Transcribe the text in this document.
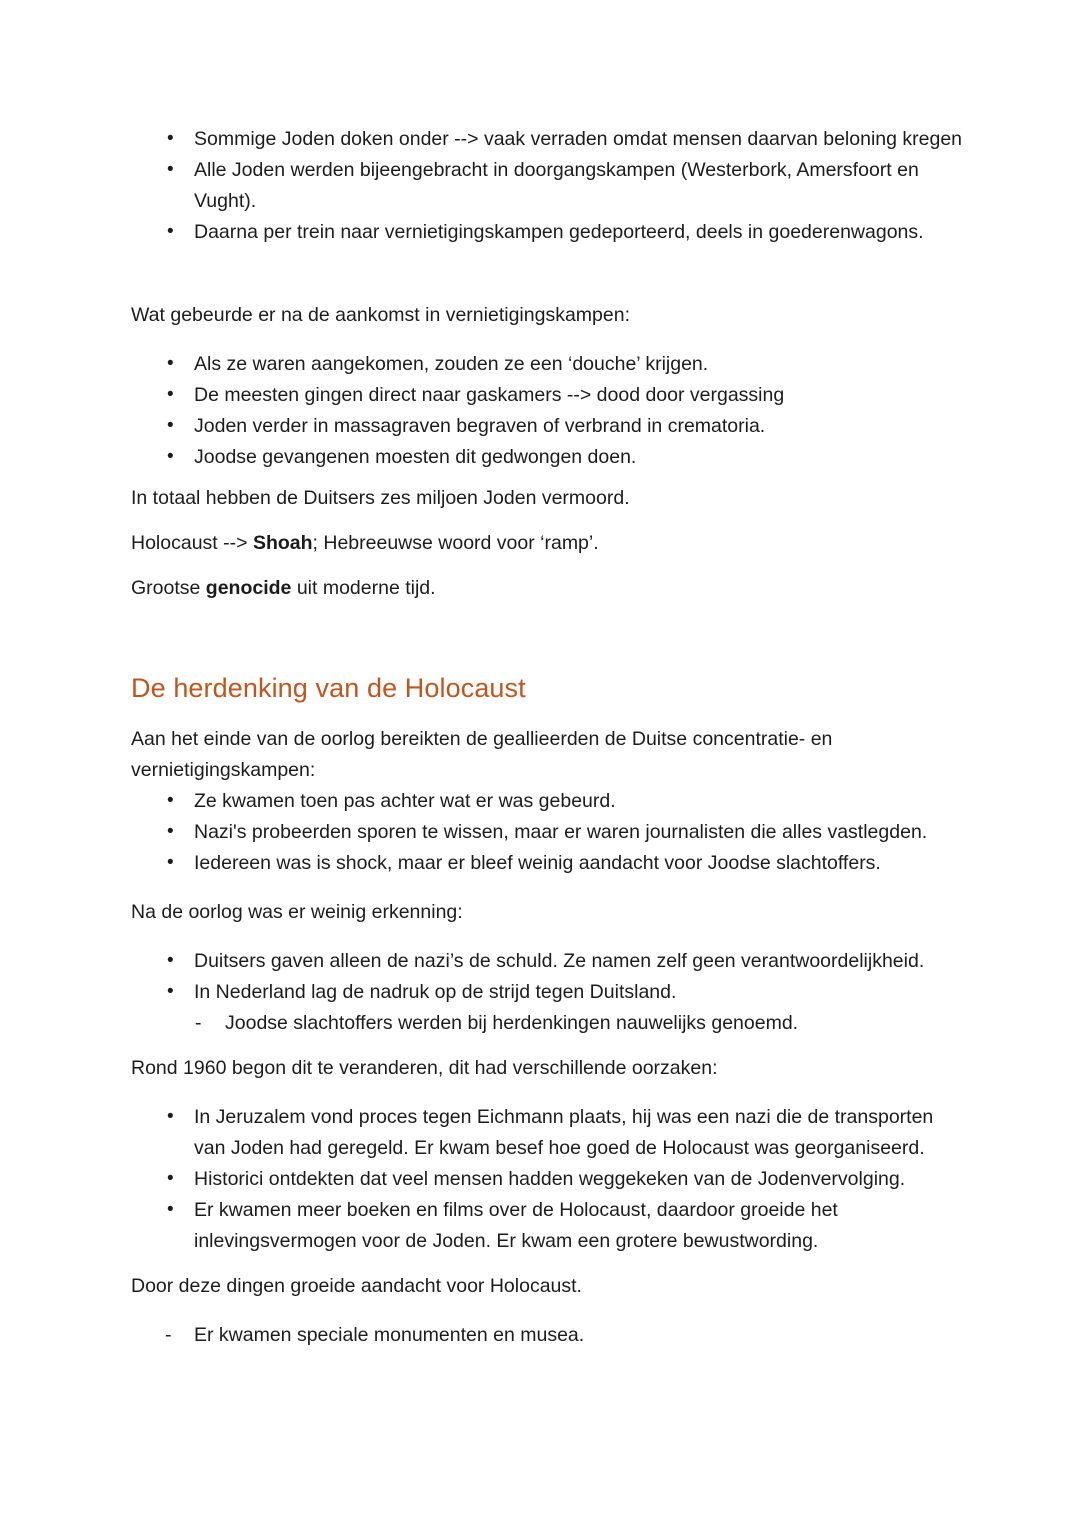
• Sommige Joden doken onder --> vaak verraden omdat mensen daarvan beloning kregen
• Alle Joden werden bijeengebracht in doorgangskampen (Westerbork, Amersfoort en Vught).
• Daarna per trein naar vernietigingskampen gedeporteerd, deels in goederenwagons.

Wat gebeurde er na de aankomst in vernietigingskampen:

• Als ze waren aangekomen, zouden ze een ‘douche’ krijgen.
• De meesten gingen direct naar gaskamers --> dood door vergassing
• Joden verder in massagraven begraven of verbrand in crematoria.
• Joodse gevangenen moesten dit gedwongen doen.

In totaal hebben de Duitsers zes miljoen Joden vermoord.

Holocaust --> Shoah; Hebreeuwse woord voor ‘ramp’.

Grootse genocide uit moderne tijd.

De herdenking van de Holocaust

Aan het einde van de oorlog bereikten de geallieerden de Duitse concentratie- en vernietigingskampen:

• Ze kwamen toen pas achter wat er was gebeurd.
• Nazi's probeerden sporen te wissen, maar er waren journalisten die alles vastlegden.
• Iedereen was is shock, maar er bleef weinig aandacht voor Joodse slachtoffers.

Na de oorlog was er weinig erkenning:

• Duitsers gaven alleen de nazi’s de schuld. Ze namen zelf geen verantwoordelijkheid.
• In Nederland lag de nadruk op de strijd tegen Duitsland.
- Joodse slachtoffers werden bij herdenkingen nauwelijks genoemd.

Rond 1960 begon dit te veranderen, dit had verschillende oorzaken:

• In Jeruzalem vond proces tegen Eichmann plaats, hij was een nazi die de transporten van Joden had geregeld. Er kwam besef hoe goed de Holocaust was georganiseerd.
• Historici ontdekten dat veel mensen hadden weggekeken van de Jodenvervolging.
• Er kwamen meer boeken en films over de Holocaust, daardoor groeide het inlevingsvermogen voor de Joden. Er kwam een grotere bewustwording.

Door deze dingen groeide aandacht voor Holocaust.

- Er kwamen speciale monumenten en musea.
